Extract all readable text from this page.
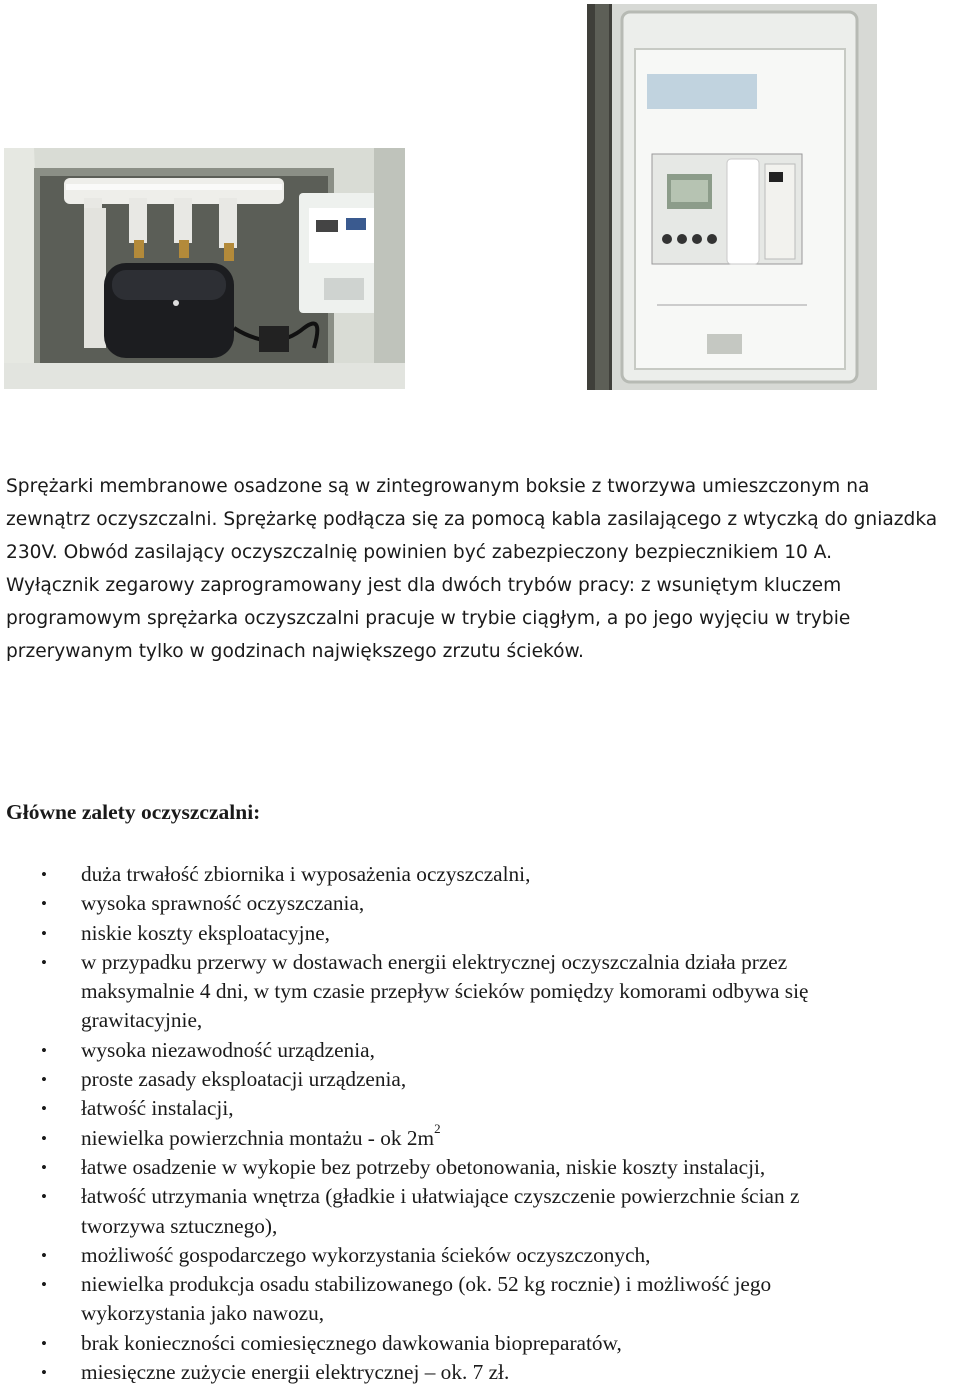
Sprężarki membranowe osadzone są w zintegrowanym boksie z tworzywa umieszczonym na
zewnątrz oczyszczalni. Sprężarkę podłącza się za pomocą kabla zasilającego z wtyczką do gniazdka
230V. Obwód zasilający oczyszczalnię powinien być zabezpieczony bezpiecznikiem 10 A.
Wyłącznik zegarowy zaprogramowany jest dla dwóch trybów pracy: z wsuniętym kluczem
programowym sprężarka oczyszczalni pracuje w trybie ciągłym, a po jego wyjęciu w trybie
przerywanym tylko w godzinach największego zrzutu ścieków.

Główne zalety oczyszczalni:
• duża trwałość zbiornika i wyposażenia oczyszczalni,
• wysoka sprawność oczyszczania,
• niskie koszty eksploatacyjne,
• w przypadku przerwy w dostawach energii elektrycznej oczyszczalnia działa przez
maksymalnie 4 dni, w tym czasie przepływ ścieków pomiędzy komorami odbywa się
grawitacyjnie,
• wysoka niezawodność urządzenia,
• proste zasady eksploatacji urządzenia,
• łatwość instalacji,
• niewielka powierzchnia montażu - ok $2m^2$
• łatwe osadzenie w wykopie bez potrzeby obetonowania, niskie koszty instalacji,
• łatwość utrzymania wnętrza (gładkie i ułatwiające czyszczenie powierzchnie ścian z
tworzywa sztucznego),
• możliwość gospodarczego wykorzystania ścieków oczyszczonych,
• niewielka produkcja osadu stabilizowanego (ok. 52 kg rocznie) i możliwość jego
wykorzystania jako nawozu,
• brak konieczności comiesięcznego dawkowania biopreparatów,
• miesięczne zużycie energii elektrycznej – ok. 7 zł.
